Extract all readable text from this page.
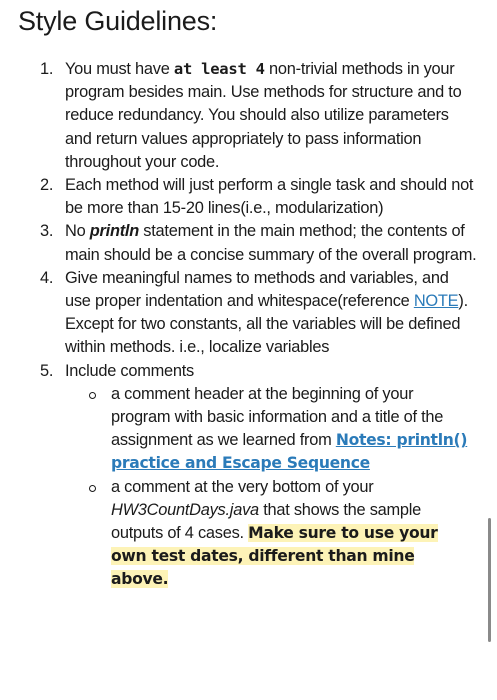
Style Guidelines:
1. You must have at least 4 non-trivial methods in your program besides main. Use methods for structure and to reduce redundancy. You should also utilize parameters and return values appropriately to pass information throughout your code.
2. Each method will just perform a single task and should not be more than 15-20 lines(i.e., modularization)
3. No println statement in the main method; the contents of main should be a concise summary of the overall program.
4. Give meaningful names to methods and variables, and use proper indentation and whitespace(reference NOTE). Except for two constants, all the variables will be defined within methods. i.e., localize variables
5. Include comments
a comment header at the beginning of your program with basic information and a title of the assignment as we learned from Notes: println() practice and Escape Sequence
a comment at the very bottom of your HW3CountDays.java that shows the sample outputs of 4 cases. Make sure to use your own test dates, different than mine above.
